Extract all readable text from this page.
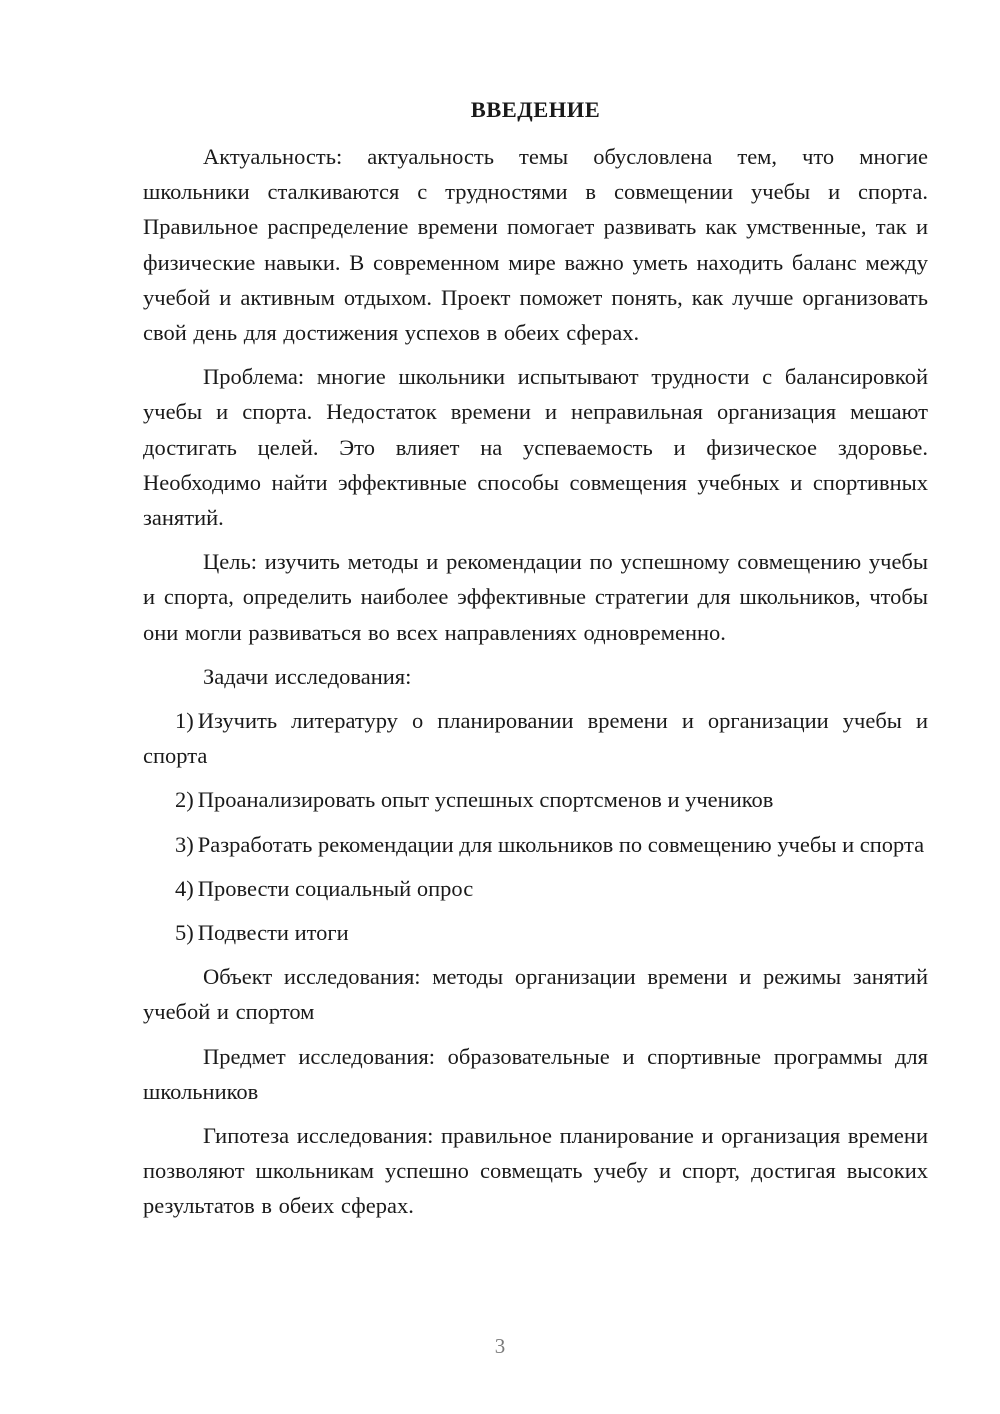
ВВЕДЕНИЕ

Актуальность: актуальность темы обусловлена тем, что многие школьники сталкиваются с трудностями в совмещении учебы и спорта. Правильное распределение времени помогает развивать как умственные, так и физические навыки. В современном мире важно уметь находить баланс между учебой и активным отдыхом. Проект поможет понять, как лучше организовать свой день для достижения успехов в обеих сферах.

Проблема: многие школьники испытывают трудности с балансировкой учебы и спорта. Недостаток времени и неправильная организация мешают достигать целей. Это влияет на успеваемость и физическое здоровье. Необходимо найти эффективные способы совмещения учебных и спортивных занятий.

Цель: изучить методы и рекомендации по успешному совмещению учебы и спорта, определить наиболее эффективные стратегии для школьников, чтобы они могли развиваться во всех направлениях одновременно.

Задачи исследования:

1) Изучить литературу о планировании времени и организации учебы и спорта

2) Проанализировать опыт успешных спортсменов и учеников

3) Разработать рекомендации для школьников по совмещению учебы и спорта

4) Провести социальный опрос

5) Подвести итоги

Объект исследования: методы организации времени и режимы занятий учебой и спортом

Предмет исследования: образовательные и спортивные программы для школьников

Гипотеза исследования: правильное планирование и организация времени позволяют школьникам успешно совмещать учебу и спорт, достигая высоких результатов в обеих сферах.

3
